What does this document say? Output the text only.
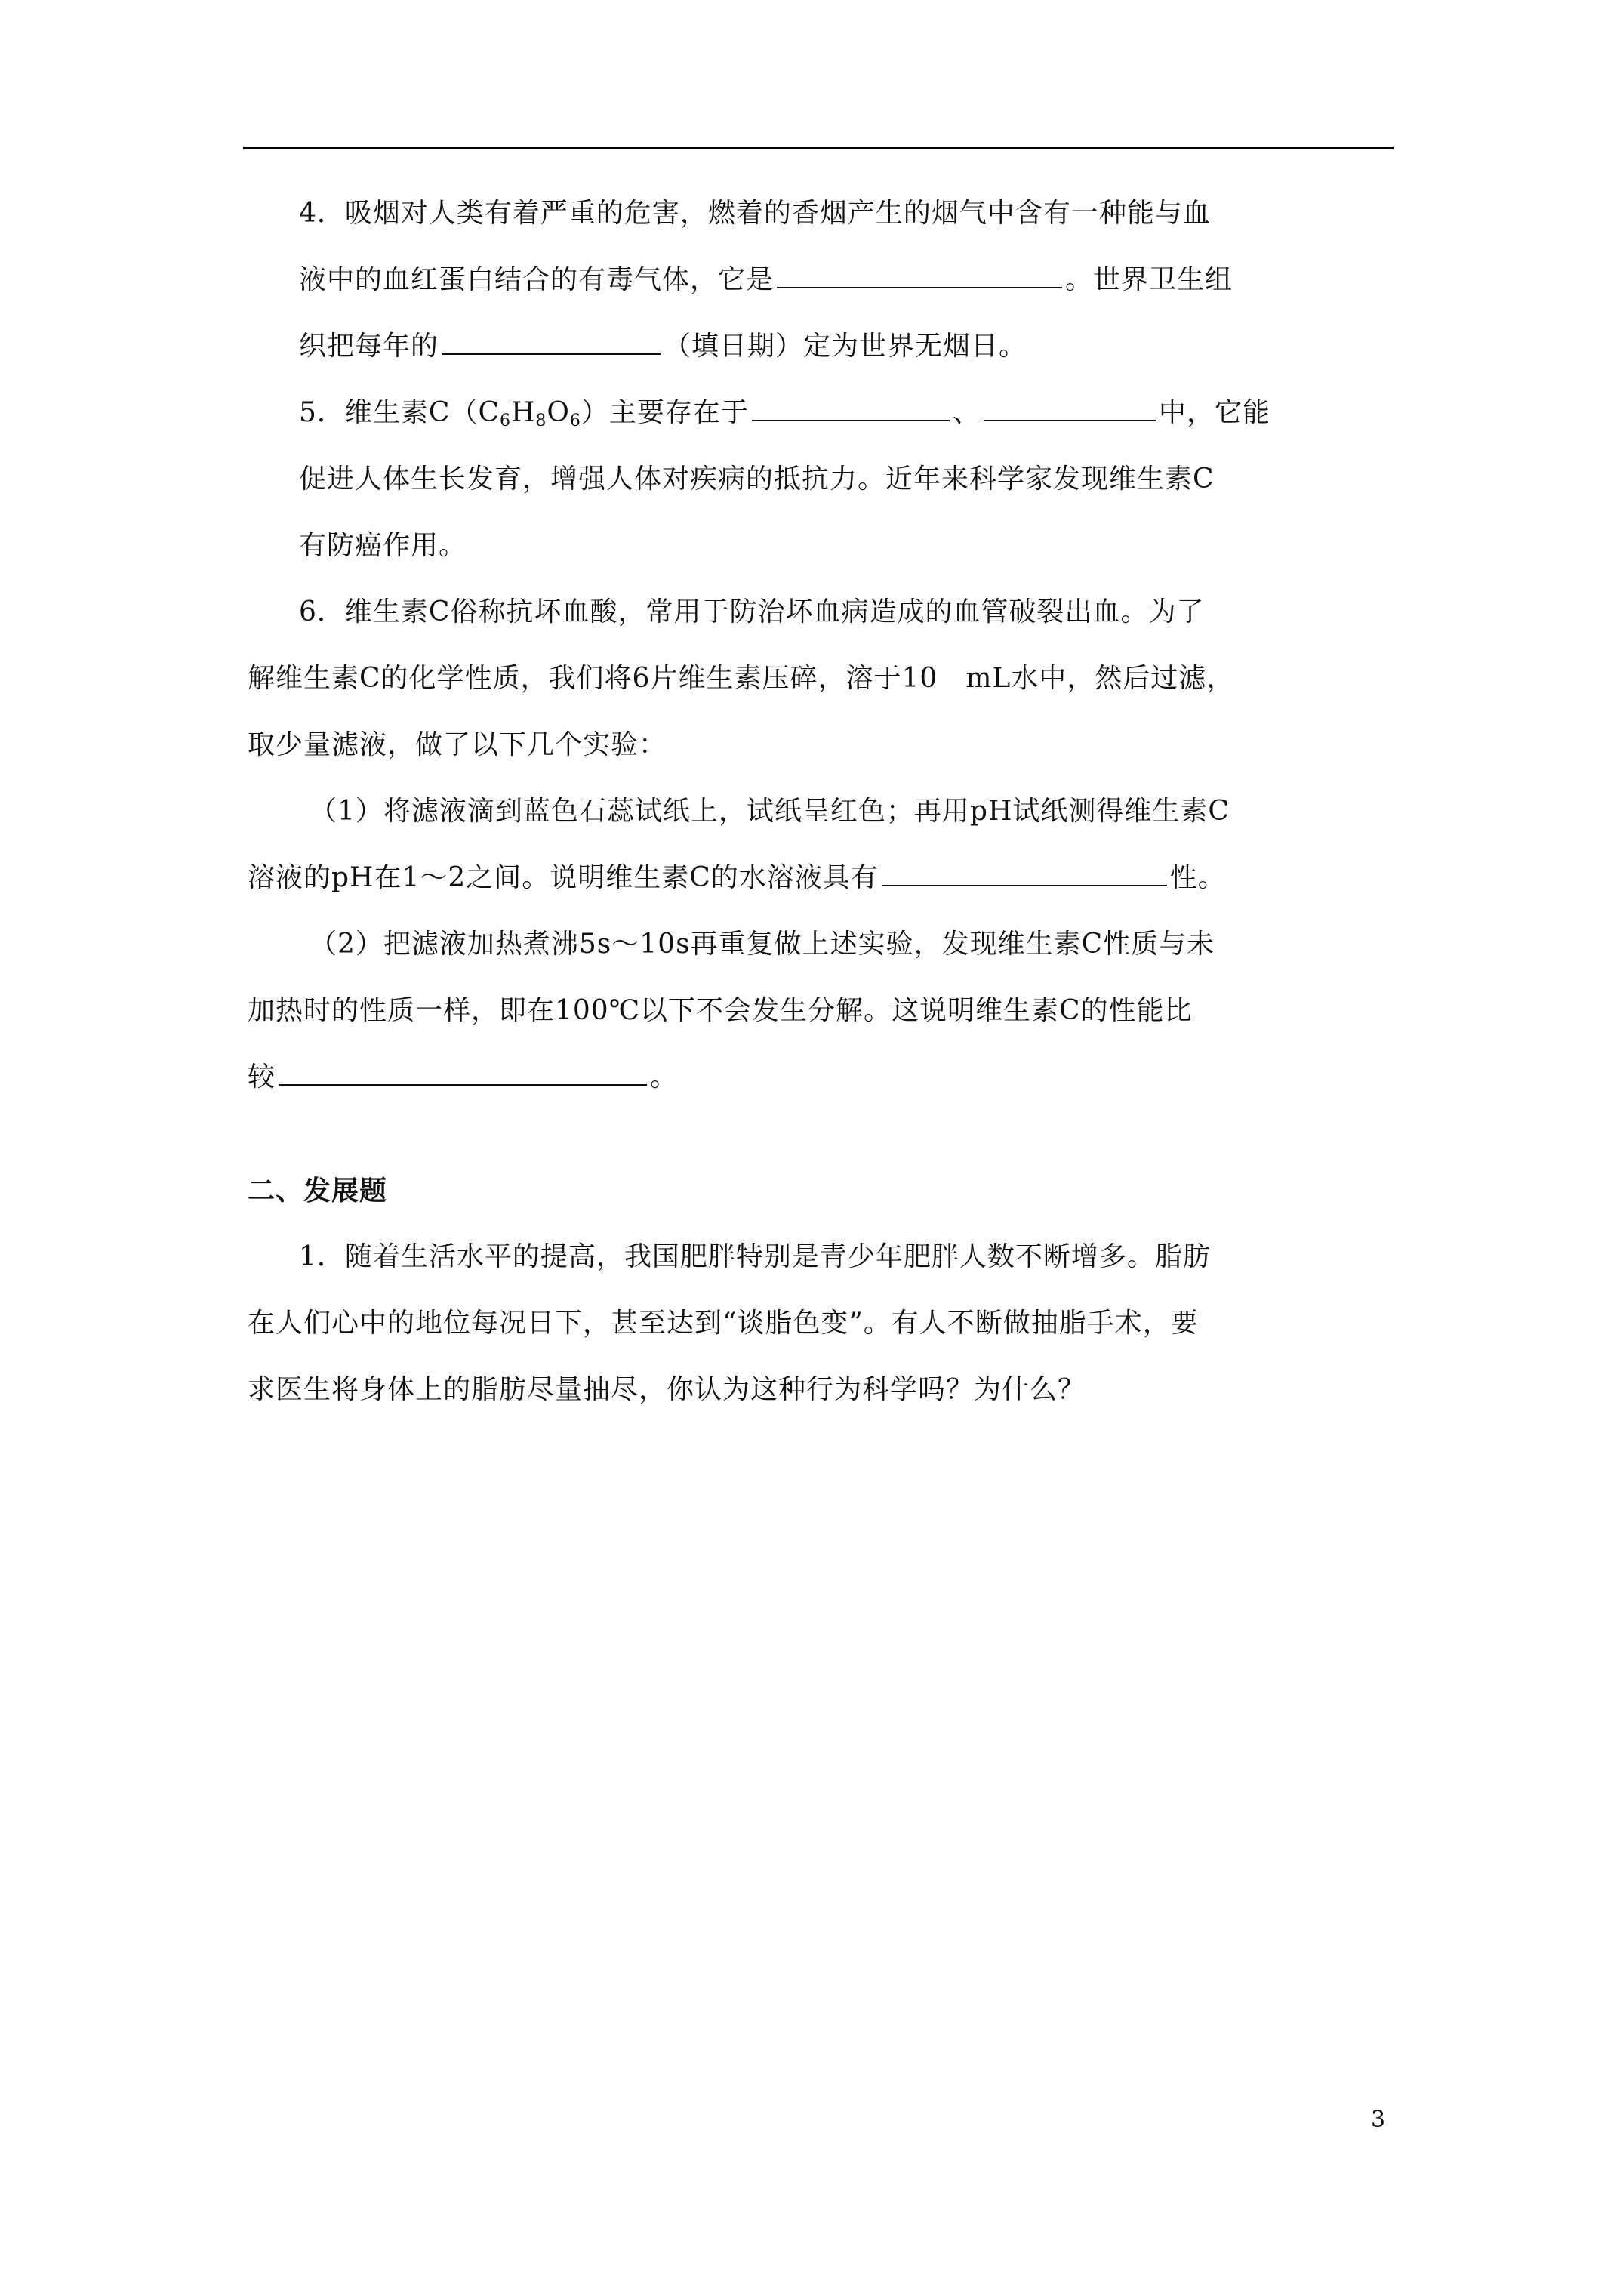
4．吸烟对人类有着严重的危害，燃着的香烟产生的烟气中含有一种能与血
液中的血红蛋白结合的有毒气体，它是	。世界卫生组
织把每年的	（填日期）定为世界无烟日。
5．维生素$C(C_6H_8O_6)$主要存在于	、	中，它能
促进人体生长发育，增强人体对疾病的抵抗力。近年来科学家发现维生素C
有防癌作用。
6．维生素C俗称抗坏血酸，常用于防治坏血病造成的血管破裂出血。为了
解维生素C的化学性质，我们将6片维生素压碎，溶于10　mL水中，然后过滤，
取少量滤液，做了以下几个实验：
（1）将滤液滴到蓝色石蕊试纸上，试纸呈红色；再用pH试纸测得维生素C
溶液的pH在1～2之间。说明维生素C的水溶液具有	性。
（2）把滤液加热煮沸5s～10s再重复做上述实验，发现维生素C性质与未
加热时的性质一样，即在100℃以下不会发生分解。这说明维生素C的性能比
较	。
二、发展题
1．随着生活水平的提高，我国肥胖特别是青少年肥胖人数不断增多。脂肪
在人们心中的地位每况日下，甚至达到“谈脂色变”。有人不断做抽脂手术，要
求医生将身体上的脂肪尽量抽尽，你认为这种行为科学吗？为什么？
3
